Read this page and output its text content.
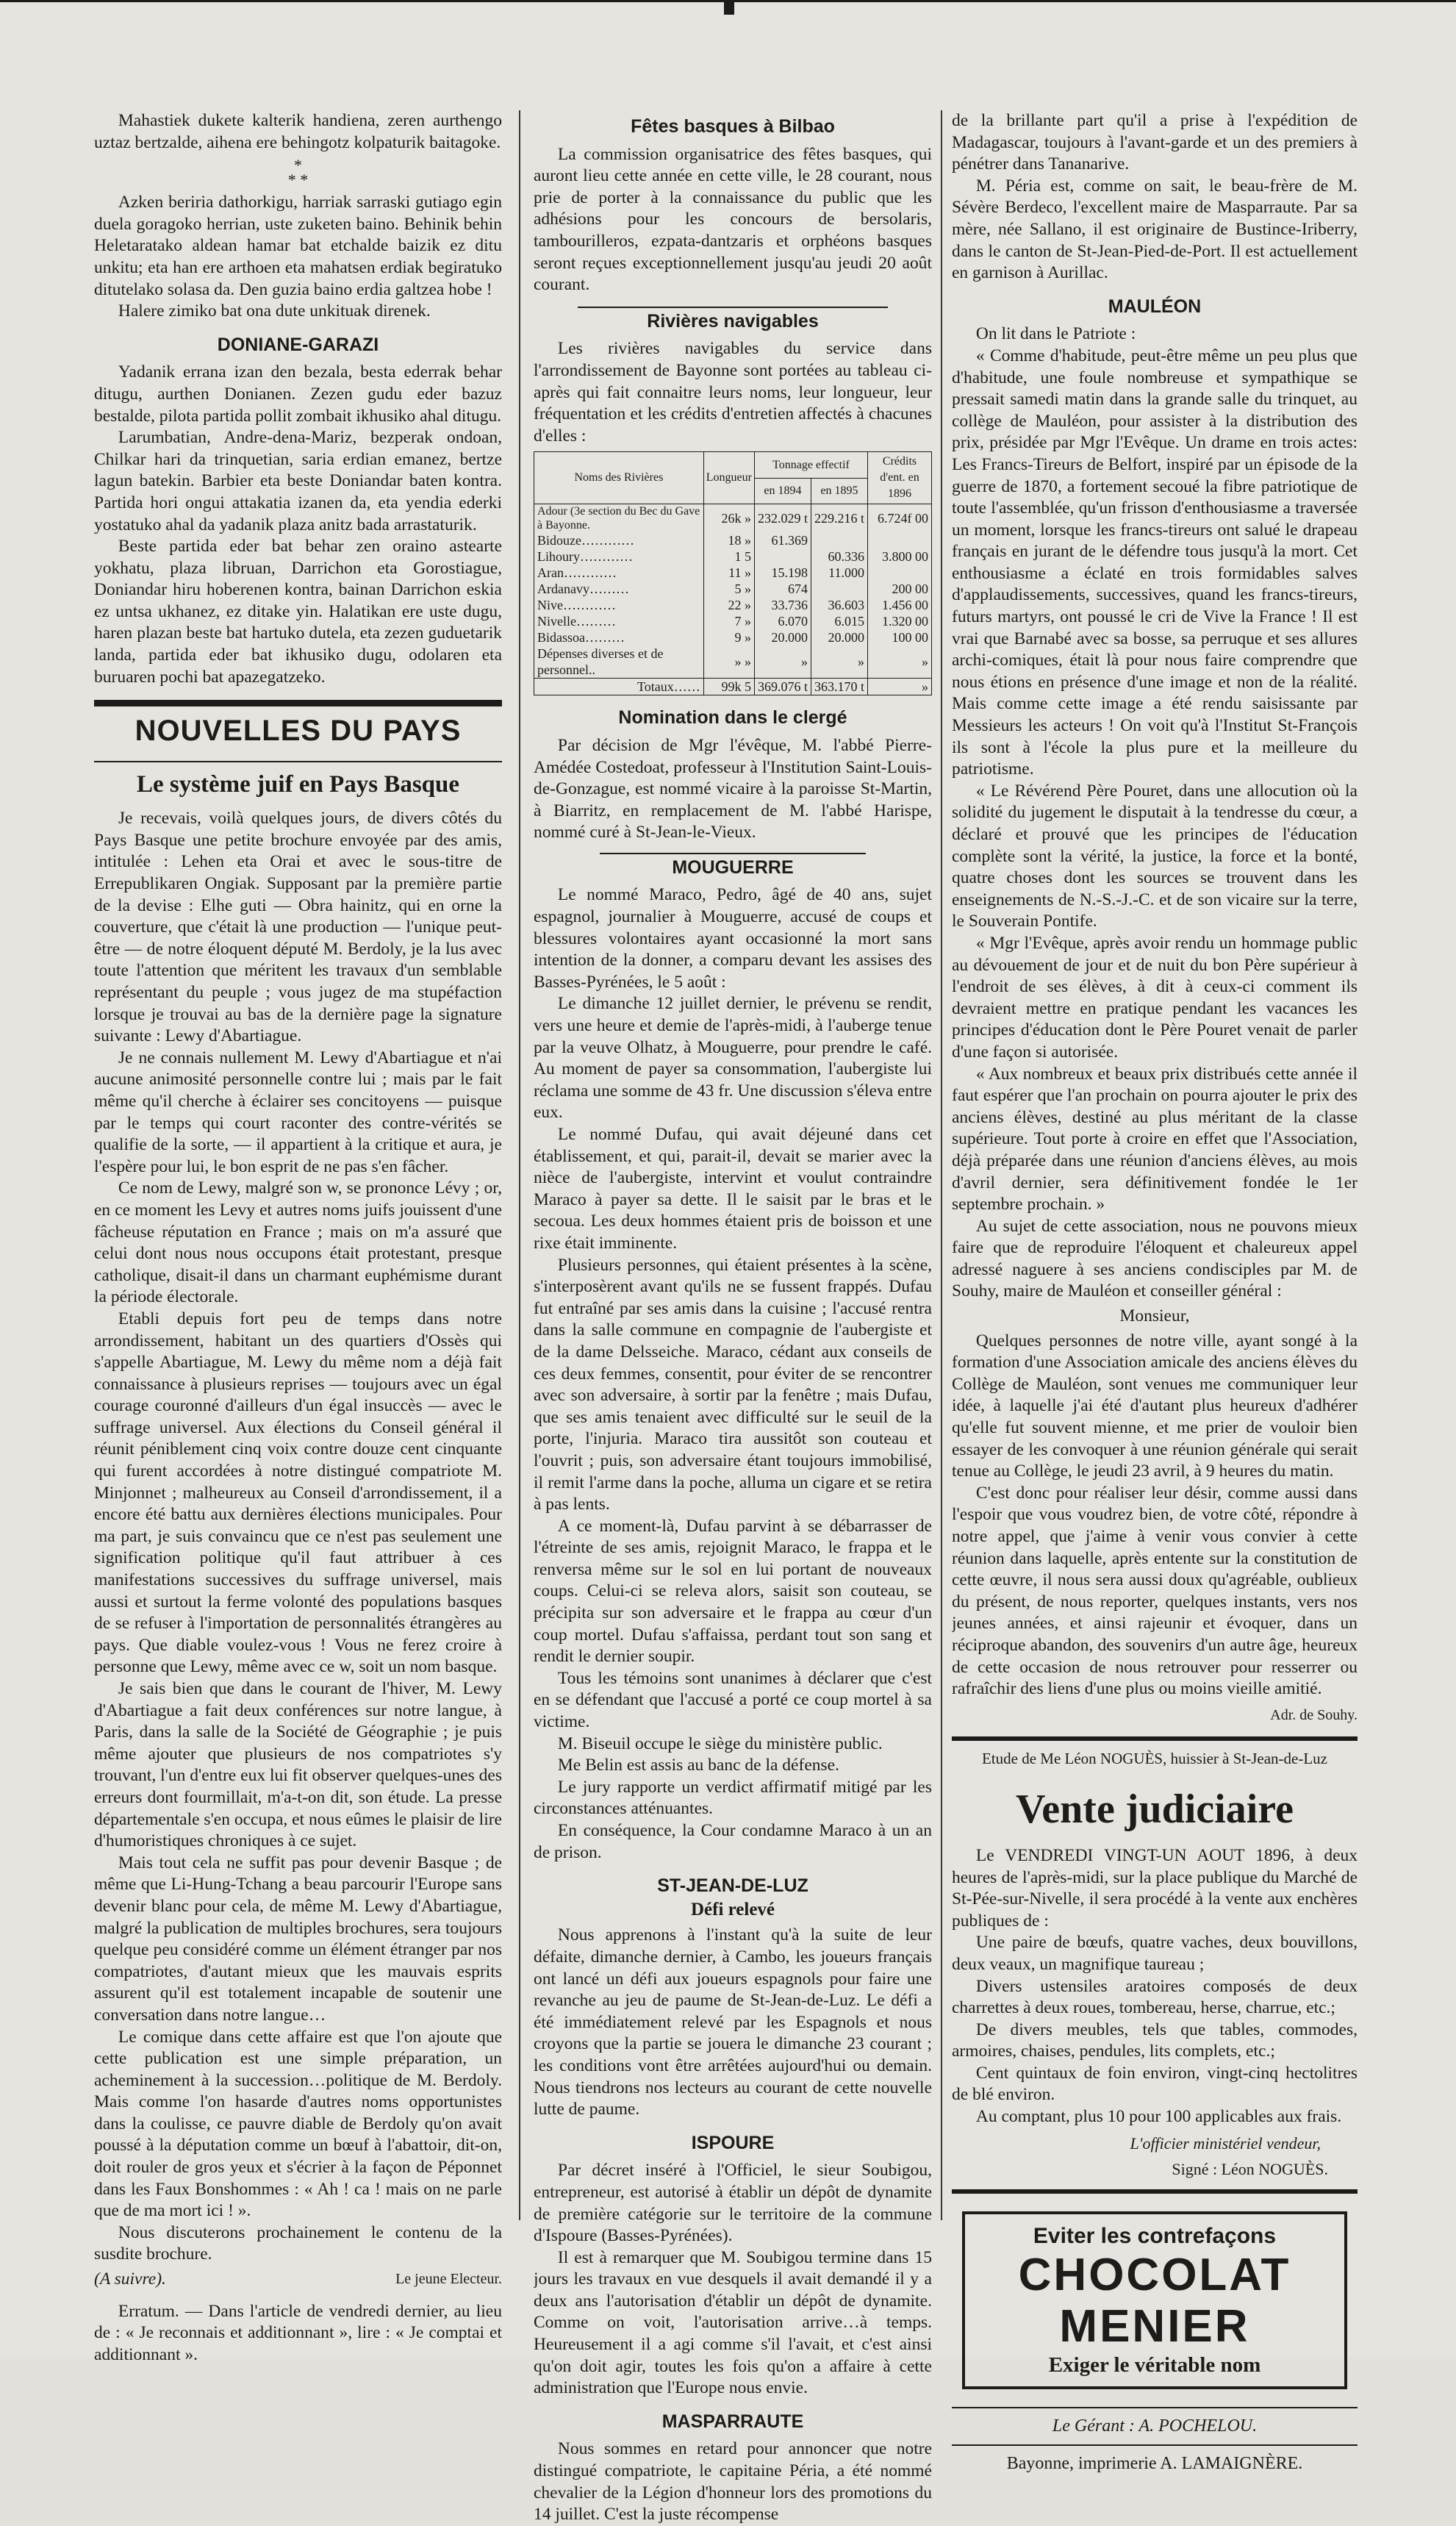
Mahastiek dukete kalterik handiena, zeren aurthengo uztaz bertzalde, aihena ere behingotz kolpaturik baitagoke.

*
* *

Azken beriria dathorkigu, harriak sarraski gutiago egin duela goragoko herrian, uste zuketen baino. Behinik behin Heletaratako aldean hamar bat etchalde baizik ez ditu unkitu; eta han ere arthoen eta mahatsen erdiak begiratuko ditutelako solasa da. Den guzia baino erdia galtzea hobe !

Halere zimiko bat ona dute unkituak direnek.

DONIANE-GARAZI

Yadanik errana izan den bezala, besta ederrak behar ditugu, aurthen Donianen. Zezen gudu eder bazuz bestalde, pilota partida pollit zombait ikhusiko ahal ditugu.

Larumbatian, Andre-dena-Mariz, bezperak ondoan, Chilkar hari da trinquetian, saria erdian emanez, bertze lagun batekin. Barbier eta beste Doniandar baten kontra. Partida hori ongui attakatia izanen da, eta yendia ederki yostatuko ahal da yadanik plaza anitz bada arrastaturik.

Beste partida eder bat behar zen oraino astearte yokhatu, plaza libruan, Darrichon eta Gorostiague, Doniandar hiru hoberenen kontra, bainan Darrichon eskia ez untsa ukhanez, ez ditake yin. Halatikan ere uste dugu, haren plazan beste bat hartuko dutela, eta zezen guduetarik landa, partida eder bat ikhusiko dugu, odolaren eta buruaren pochi bat apazegatzeko.

NOUVELLES DU PAYS
Le système juif en Pays Basque

Je recevais, voilà quelques jours, de divers côtés du Pays Basque une petite brochure envoyée par des amis, intitulée : Lehen eta Orai et avec le sous-titre de Errepublikaren Ongiak. Supposant par la première partie de la devise : Elhe guti — Obra hainitz, qui en orne la couverture, que c'était là une production — l'unique peut-être — de notre éloquent député M. Berdoly, je la lus avec toute l'attention que méritent les travaux d'un semblable représentant du peuple ; vous jugez de ma stupéfaction lorsque je trouvai au bas de la dernière page la signature suivante : Lewy d'Abartiague.

Je ne connais nullement M. Lewy d'Abartiague et n'ai aucune animosité personnelle contre lui ; mais par le fait même qu'il cherche à éclairer ses concitoyens — puisque par le temps qui court raconter des contre-vérités se qualifie de la sorte, — il appartient à la critique et aura, je l'espère pour lui, le bon esprit de ne pas s'en fâcher.

Ce nom de Lewy, malgré son w, se prononce Lévy ; or, en ce moment les Levy et autres noms juifs jouissent d'une fâcheuse réputation en France ; mais on m'a assuré que celui dont nous nous occupons était protestant, presque catholique, disait-il dans un charmant euphémisme durant la période électorale.

Etabli depuis fort peu de temps dans notre arrondissement, habitant un des quartiers d'Ossès qui s'appelle Abartiague, M. Lewy du même nom a déjà fait connaissance à plusieurs reprises — toujours avec un égal courage couronné d'ailleurs d'un égal insuccès — avec le suffrage universel. Aux élections du Conseil général il réunit péniblement cinq voix contre douze cent cinquante qui furent accordées à notre distingué compatriote M. Minjonnet ; malheureux au Conseil d'arrondissement, il a encore été battu aux dernières élections municipales. Pour ma part, je suis convaincu que ce n'est pas seulement une signification politique qu'il faut attribuer à ces manifestations successives du suffrage universel, mais aussi et surtout la ferme volonté des populations basques de se refuser à l'importation de personnalités étrangères au pays. Que diable voulez-vous ! Vous ne ferez croire à personne que Lewy, même avec ce w, soit un nom basque.

Je sais bien que dans le courant de l'hiver, M. Lewy d'Abartiague a fait deux conférences sur notre langue, à Paris, dans la salle de la Société de Géographie ; je puis même ajouter que plusieurs de nos compatriotes s'y trouvant, l'un d'entre eux lui fit observer quelques-unes des erreurs dont fourmillait, m'a-t-on dit, son étude. La presse départementale s'en occupa, et nous eûmes le plaisir de lire d'humoristiques chroniques à ce sujet.

Mais tout cela ne suffit pas pour devenir Basque ; de même que Li-Hung-Tchang a beau parcourir l'Europe sans devenir blanc pour cela, de même M. Lewy d'Abartiague, malgré la publication de multiples brochures, sera toujours quelque peu considéré comme un élément étranger par nos compatriotes, d'autant mieux que les mauvais esprits assurent qu'il est totalement incapable de soutenir une conversation dans notre langue…

Le comique dans cette affaire est que l'on ajoute que cette publication est une simple préparation, un acheminement à la succession…politique de M. Berdoly. Mais comme l'on hasarde d'autres noms opportunistes dans la coulisse, ce pauvre diable de Berdoly qu'on avait poussé à la députation comme un bœuf à l'abattoir, dit-on, doit rouler de gros yeux et s'écrier à la façon de Péponnet dans les Faux Bonshommes : « Ah ! ca ! mais on ne parle que de ma mort ici ! ».

Nous discuterons prochainement le contenu de la susdite brochure.

(A suivre).	Le jeune Electeur.

Erratum. — Dans l'article de vendredi dernier, au lieu de : « Je reconnais et additionnant », lire : « Je comptai et additionnant ».

Fêtes basques à Bilbao

La commission organisatrice des fêtes basques, qui auront lieu cette année en cette ville, le 28 courant, nous prie de porter à la connaissance du public que les adhésions pour les concours de bersolaris, tambourilleros, ezpata-dantzaris et orphéons basques seront reçues exceptionnellement jusqu'au jeudi 20 août courant.

Rivières navigables

Les rivières navigables du service dans l'arrondissement de Bayonne sont portées au tableau ci-après qui fait connaitre leurs noms, leur longueur, leur fréquentation et les crédits d'entretien affectés à chacunes d'elles :

Noms des Rivières	Longueur	Tonnage effectif		Crédits d'ent. en 1896
		en 1894	en 1895	
Adour (3e section du Bec du Gave à Bayonne.	26k »	232.029 t	229.216 t	6.724f 00
Bidouze…………	18 »	61.369		
Lihoury…………	1 5		60.336	3.800 00
Aran…………	11 »	15.198	11.000	
Ardanavy………	5 »	674		200 00
Nive…………	22 »	33.736	36.603	1.456 00
Nivelle………	7 »	6.070	6.015	1.320 00
Bidassoa………	9 »	20.000	20.000	100 00
Dépenses diverses et de personnel..	» »	»	»	»
Totaux……	99k 5	369.076 t	363.170 t	»
Nomination dans le clergé

Par décision de Mgr l'évêque, M. l'abbé Pierre-Amédée Costedoat, professeur à l'Institution Saint-Louis-de-Gonzague, est nommé vicaire à la paroisse St-Martin, à Biarritz, en remplacement de M. l'abbé Harispe, nommé curé à St-Jean-le-Vieux.

MOUGUERRE

Le nommé Maraco, Pedro, âgé de 40 ans, sujet espagnol, journalier à Mouguerre, accusé de coups et blessures volontaires ayant occasionné la mort sans intention de la donner, a comparu devant les assises des Basses-Pyrénées, le 5 août :

Le dimanche 12 juillet dernier, le prévenu se rendit, vers une heure et demie de l'après-midi, à l'auberge tenue par la veuve Olhatz, à Mouguerre, pour prendre le café. Au moment de payer sa consommation, l'aubergiste lui réclama une somme de 43 fr. Une discussion s'éleva entre eux.

Le nommé Dufau, qui avait déjeuné dans cet établissement, et qui, parait-il, devait se marier avec la nièce de l'aubergiste, intervint et voulut contraindre Maraco à payer sa dette. Il le saisit par le bras et le secoua. Les deux hommes étaient pris de boisson et une rixe était imminente.

Plusieurs personnes, qui étaient présentes à la scène, s'interposèrent avant qu'ils ne se fussent frappés. Dufau fut entraîné par ses amis dans la cuisine ; l'accusé rentra dans la salle commune en compagnie de l'aubergiste et de la dame Delsseiche. Maraco, cédant aux conseils de ces deux femmes, consentit, pour éviter de se rencontrer avec son adversaire, à sortir par la fenêtre ; mais Dufau, que ses amis tenaient avec difficulté sur le seuil de la porte, l'injuria. Maraco tira aussitôt son couteau et l'ouvrit ; puis, son adversaire étant toujours immobilisé, il remit l'arme dans la poche, alluma un cigare et se retira à pas lents.

A ce moment-là, Dufau parvint à se débarrasser de l'étreinte de ses amis, rejoignit Maraco, le frappa et le renversa même sur le sol en lui portant de nouveaux coups. Celui-ci se releva alors, saisit son couteau, se précipita sur son adversaire et le frappa au cœur d'un coup mortel. Dufau s'affaissa, perdant tout son sang et rendit le dernier soupir.

Tous les témoins sont unanimes à déclarer que c'est en se défendant que l'accusé a porté ce coup mortel à sa victime.

M. Biseuil occupe le siège du ministère public.

Me Belin est assis au banc de la défense.

Le jury rapporte un verdict affirmatif mitigé par les circonstances atténuantes.

En conséquence, la Cour condamne Maraco à un an de prison.

ST-JEAN-DE-LUZ
Défi relevé

Nous apprenons à l'instant qu'à la suite de leur défaite, dimanche dernier, à Cambo, les joueurs français ont lancé un défi aux joueurs espagnols pour faire une revanche au jeu de paume de St-Jean-de-Luz. Le défi a été immédiatement relevé par les Espagnols et nous croyons que la partie se jouera le dimanche 23 courant ; les conditions vont être arrêtées aujourd'hui ou demain. Nous tiendrons nos lecteurs au courant de cette nouvelle lutte de paume.

ISPOURE

Par décret inséré à l'Officiel, le sieur Soubigou, entrepreneur, est autorisé à établir un dépôt de dynamite de première catégorie sur le territoire de la commune d'Ispoure (Basses-Pyrénées).

Il est à remarquer que M. Soubigou termine dans 15 jours les travaux en vue desquels il avait demandé il y a deux ans l'autorisation d'établir un dépôt de dynamite. Comme on voit, l'autorisation arrive…à temps. Heureusement il a agi comme s'il l'avait, et c'est ainsi qu'on doit agir, toutes les fois qu'on a affaire à cette administration que l'Europe nous envie.

MASPARRAUTE

Nous sommes en retard pour annoncer que notre distingué compatriote, le capitaine Péria, a été nommé chevalier de la Légion d'honneur lors des promotions du 14 juillet. C'est la juste récompense

de la brillante part qu'il a prise à l'expédition de Madagascar, toujours à l'avant-garde et un des premiers à pénétrer dans Tananarive.

M. Péria est, comme on sait, le beau-frère de M. Sévère Berdeco, l'excellent maire de Masparraute. Par sa mère, née Sallano, il est originaire de Bustince-Iriberry, dans le canton de St-Jean-Pied-de-Port. Il est actuellement en garnison à Aurillac.

MAULÉON

On lit dans le Patriote :

« Comme d'habitude, peut-être même un peu plus que d'habitude, une foule nombreuse et sympathique se pressait samedi matin dans la grande salle du trinquet, au collège de Mauléon, pour assister à la distribution des prix, présidée par Mgr l'Evêque. Un drame en trois actes: Les Francs-Tireurs de Belfort, inspiré par un épisode de la guerre de 1870, a fortement secoué la fibre patriotique de toute l'assemblée, qu'un frisson d'enthousiasme a traversée un moment, lorsque les francs-tireurs ont salué le drapeau français en jurant de le défendre tous jusqu'à la mort. Cet enthousiasme a éclaté en trois formidables salves d'applaudissements, successives, quand les francs-tireurs, futurs martyrs, ont poussé le cri de Vive la France ! Il est vrai que Barnabé avec sa bosse, sa perruque et ses allures archi-comiques, était là pour nous faire comprendre que nous étions en présence d'une image et non de la réalité. Mais comme cette image a été rendu saisissante par Messieurs les acteurs ! On voit qu'à l'Institut St-François ils sont à l'école la plus pure et la meilleure du patriotisme.

« Le Révérend Père Pouret, dans une allocution où la solidité du jugement le disputait à la tendresse du cœur, a déclaré et prouvé que les principes de l'éducation complète sont la vérité, la justice, la force et la bonté, quatre choses dont les sources se trouvent dans les enseignements de N.-S.-J.-C. et de son vicaire sur la terre, le Souverain Pontife.

« Mgr l'Evêque, après avoir rendu un hommage public au dévouement de jour et de nuit du bon Père supérieur à l'endroit de ses élèves, à dit à ceux-ci comment ils devraient mettre en pratique pendant les vacances les principes d'éducation dont le Père Pouret venait de parler d'une façon si autorisée.

« Aux nombreux et beaux prix distribués cette année il faut espérer que l'an prochain on pourra ajouter le prix des anciens élèves, destiné au plus méritant de la classe supérieure. Tout porte à croire en effet que l'Association, déjà préparée dans une réunion d'anciens élèves, au mois d'avril dernier, sera définitivement fondée le 1er septembre prochain. »

Au sujet de cette association, nous ne pouvons mieux faire que de reproduire l'éloquent et chaleureux appel adressé naguere à ses anciens condisciples par M. de Souhy, maire de Mauléon et conseiller général :

Monsieur,

Quelques personnes de notre ville, ayant songé à la formation d'une Association amicale des anciens élèves du Collège de Mauléon, sont venues me communiquer leur idée, à laquelle j'ai été d'autant plus heureux d'adhérer qu'elle fut souvent mienne, et me prier de vouloir bien essayer de les convoquer à une réunion générale qui serait tenue au Collège, le jeudi 23 avril, à 9 heures du matin.

C'est donc pour réaliser leur désir, comme aussi dans l'espoir que vous voudrez bien, de votre côté, répondre à notre appel, que j'aime à venir vous convier à cette réunion dans laquelle, après entente sur la constitution de cette œuvre, il nous sera aussi doux qu'agréable, oublieux du présent, de nous reporter, quelques instants, vers nos jeunes années, et ainsi rajeunir et évoquer, dans un réciproque abandon, des souvenirs d'un autre âge, heureux de cette occasion de nous retrouver pour resserrer ou rafraîchir des liens d'une plus ou moins vieille amitié.

Adr. de Souhy.
Etude de Me Léon NOGUÈS, huissier à St-Jean-de-Luz
Vente judiciaire

Le VENDREDI VINGT-UN AOUT 1896, à deux heures de l'après-midi, sur la place publique du Marché de St-Pée-sur-Nivelle, il sera procédé à la vente aux enchères publiques de :

Une paire de bœufs, quatre vaches, deux bouvillons, deux veaux, un magnifique taureau ;

Divers ustensiles aratoires composés de deux charrettes à deux roues, tombereau, herse, charrue, etc.;

De divers meubles, tels que tables, commodes, armoires, chaises, pendules, lits complets, etc.;

Cent quintaux de foin environ, vingt-cinq hectolitres de blé environ.

Au comptant, plus 10 pour 100 applicables aux frais.

L'officier ministériel vendeur,
Signé : Léon NOGUÈS.
Eviter les contrefaçons
CHOCOLAT
MENIER
Exiger le véritable nom
Le Gérant : A. POCHELOU.
Bayonne, imprimerie A. LAMAIGNÈRE.
